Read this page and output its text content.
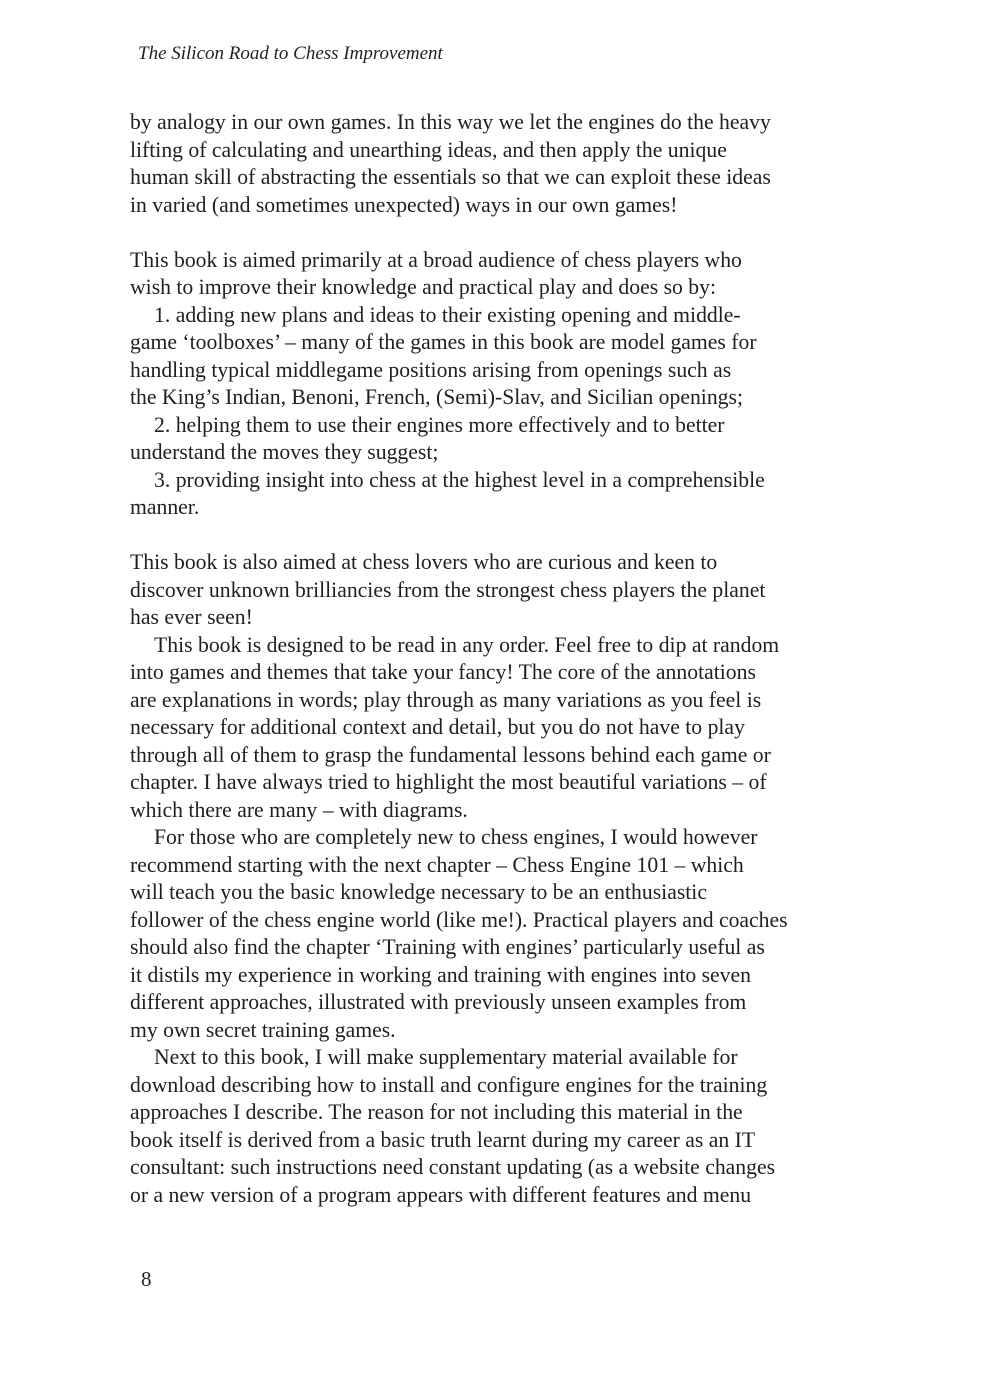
The Silicon Road to Chess Improvement
by analogy in our own games. In this way we let the engines do the heavy
lifting of calculating and unearthing ideas, and then apply the unique
human skill of abstracting the essentials so that we can exploit these ideas
in varied (and sometimes unexpected) ways in our own games!
This book is aimed primarily at a broad audience of chess players who
wish to improve their knowledge and practical play and does so by:
1. adding new plans and ideas to their existing opening and middle-
game ‘toolboxes’ – many of the games in this book are model games for
handling typical middlegame positions arising from openings such as
the King’s Indian, Benoni, French, (Semi)-Slav, and Sicilian openings;
2. helping them to use their engines more effectively and to better
understand the moves they suggest;
3. providing insight into chess at the highest level in a comprehensible
manner.
This book is also aimed at chess lovers who are curious and keen to
discover unknown brilliancies from the strongest chess players the planet
has ever seen!
This book is designed to be read in any order. Feel free to dip at random
into games and themes that take your fancy! The core of the annotations
are explanations in words; play through as many variations as you feel is
necessary for additional context and detail, but you do not have to play
through all of them to grasp the fundamental lessons behind each game or
chapter. I have always tried to highlight the most beautiful variations – of
which there are many – with diagrams.
For those who are completely new to chess engines, I would however
recommend starting with the next chapter – Chess Engine 101 – which
will teach you the basic knowledge necessary to be an enthusiastic
follower of the chess engine world (like me!). Practical players and coaches
should also find the chapter ‘Training with engines’ particularly useful as
it distils my experience in working and training with engines into seven
different approaches, illustrated with previously unseen examples from
my own secret training games.
Next to this book, I will make supplementary material available for
download describing how to install and configure engines for the training
approaches I describe. The reason for not including this material in the
book itself is derived from a basic truth learnt during my career as an IT
consultant: such instructions need constant updating (as a website changes
or a new version of a program appears with different features and menu
8
